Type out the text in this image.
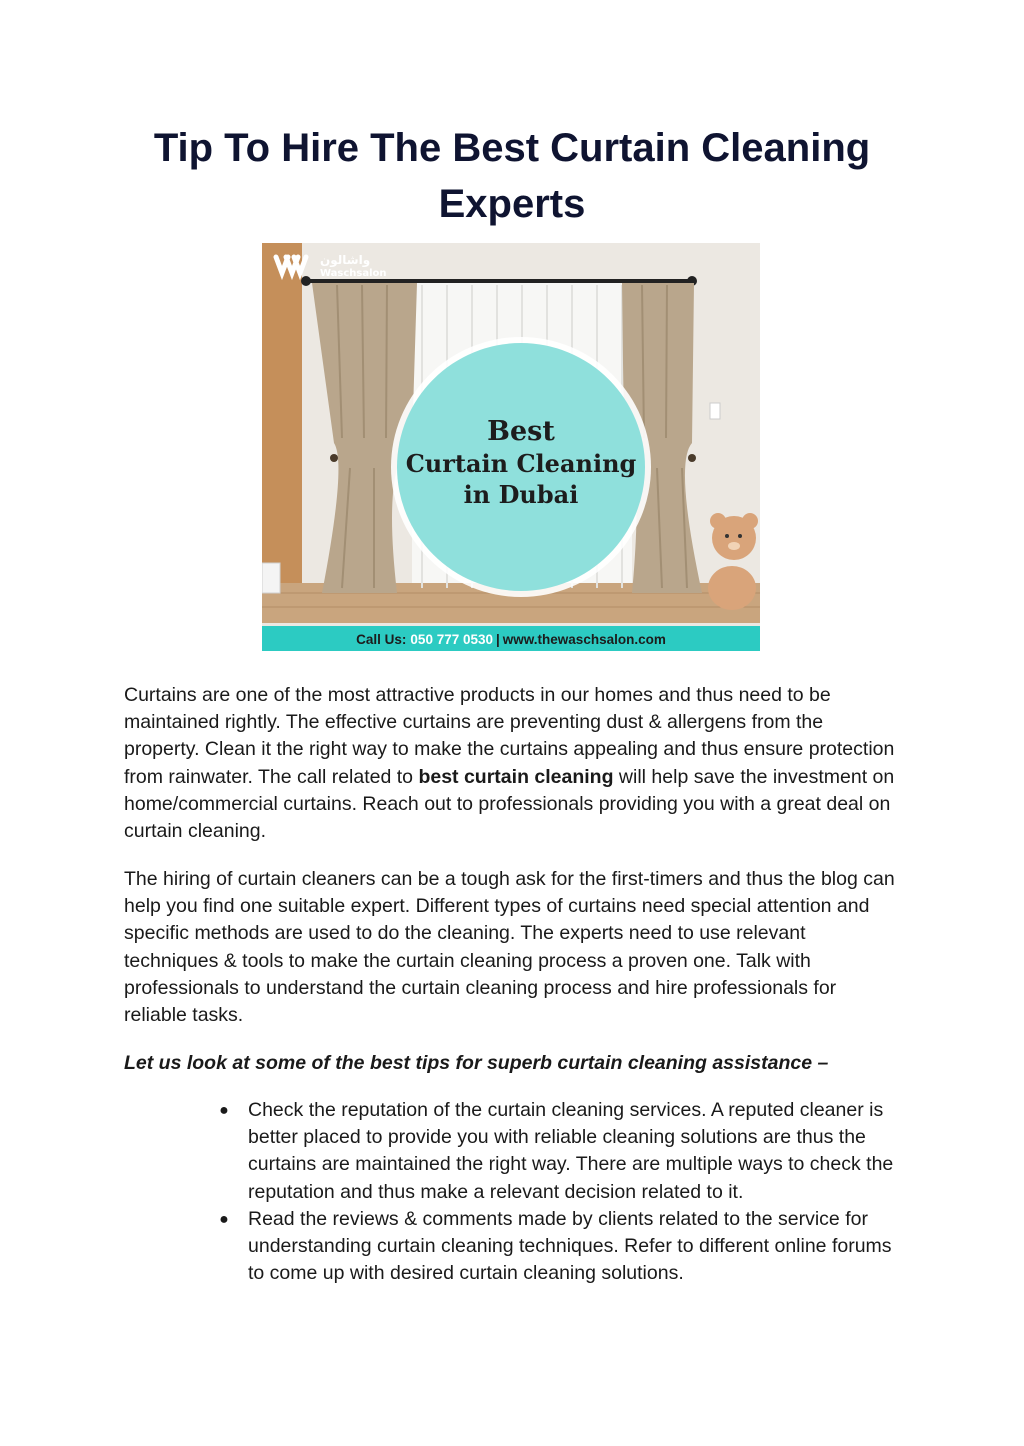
Tip To Hire The Best Curtain Cleaning Experts
Best
Curtain Cleaning
in Dubai
واشالون
Waschsalon
Call Us: 050 777 0530 | www.thewaschsalon.com

Curtains are one of the most attractive products in our homes and thus need to be maintained rightly. The effective curtains are preventing dust & allergens from the property. Clean it the right way to make the curtains appealing and thus ensure protection from rainwater. The call related to best curtain cleaning will help save the investment on home/commercial curtains. Reach out to professionals providing you with a great deal on curtain cleaning.

The hiring of curtain cleaners can be a tough ask for the first-timers and thus the blog can help you find one suitable expert. Different types of curtains need special attention and specific methods are used to do the cleaning. The experts need to use relevant techniques & tools to make the curtain cleaning process a proven one. Talk with professionals to understand the curtain cleaning process and hire professionals for reliable tasks.

Let us look at some of the best tips for superb curtain cleaning assistance –

● Check the reputation of the curtain cleaning services. A reputed cleaner is better placed to provide you with reliable cleaning solutions are thus the curtains are maintained the right way. There are multiple ways to check the reputation and thus make a relevant decision related to it.
● Read the reviews & comments made by clients related to the service for understanding curtain cleaning techniques. Refer to different online forums to come up with desired curtain cleaning solutions.
